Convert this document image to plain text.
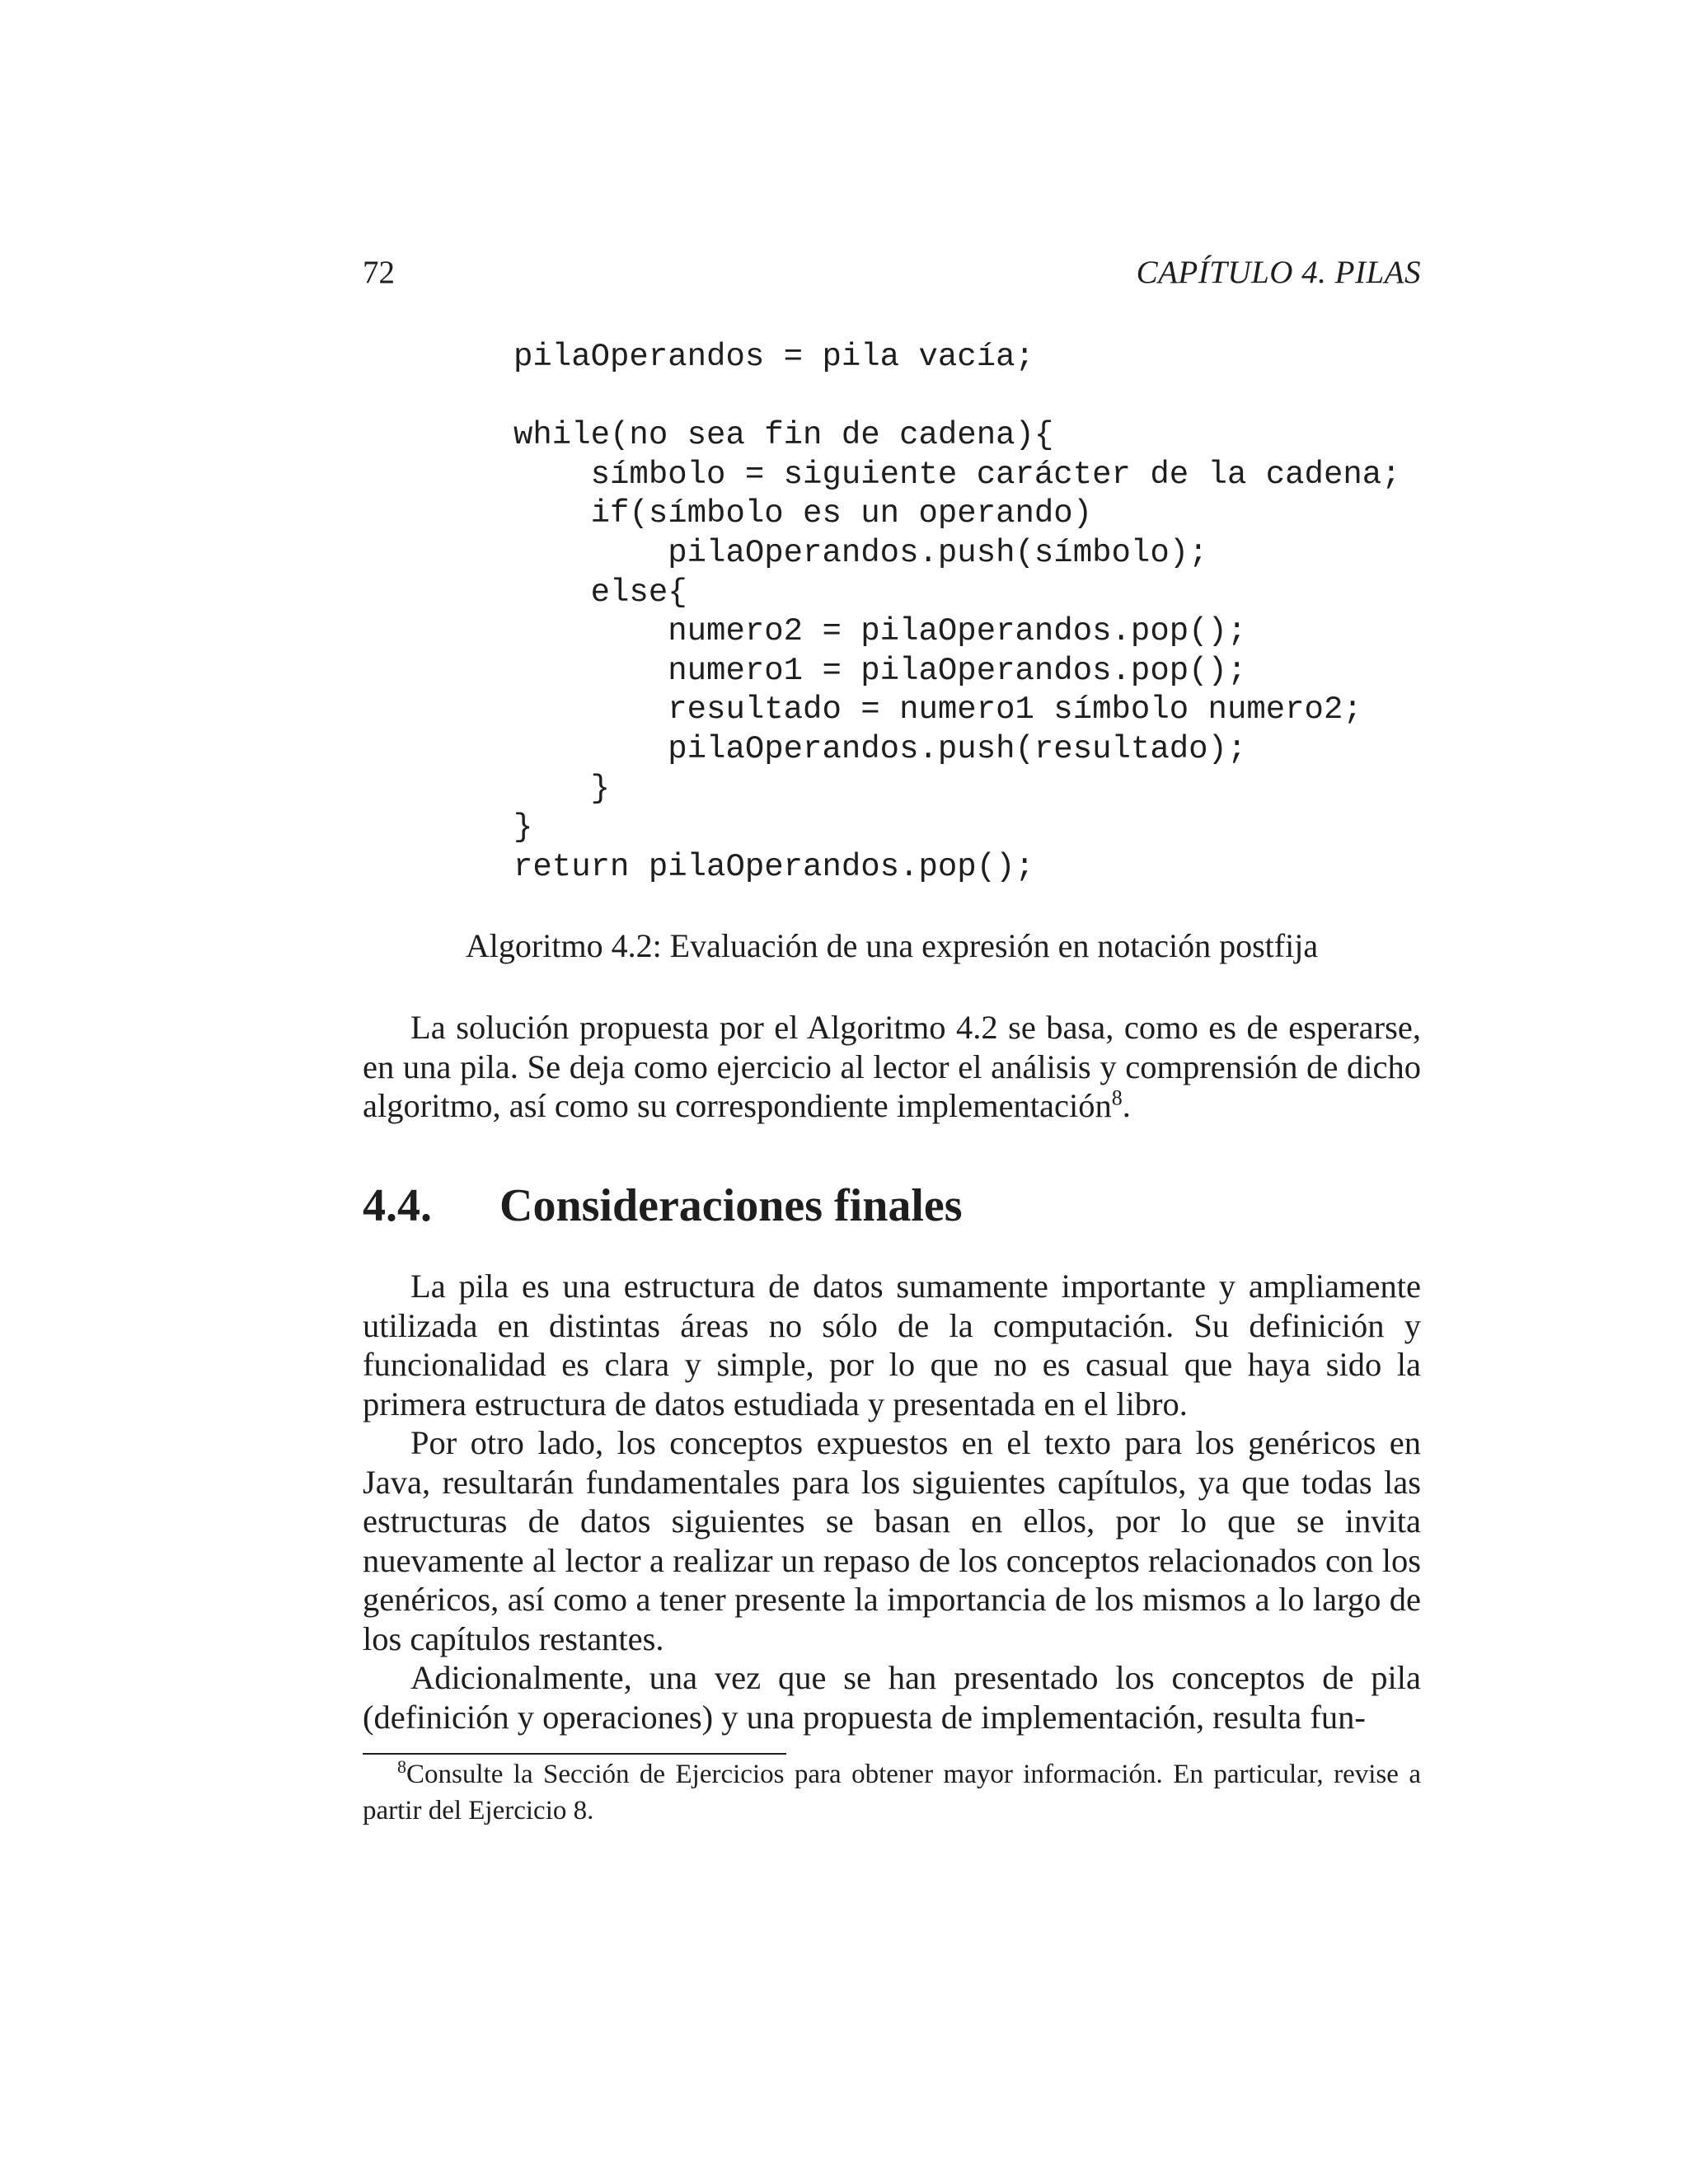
72	CAPÍTULO 4. PILAS
pilaOperandos = pila vacía;
while(no sea fin de cadena){
símbolo = siguiente carácter de la cadena;
if(símbolo es un operando)
pilaOperandos.push(símbolo);
else{
numero2 = pilaOperandos.pop();
numero1 = pilaOperandos.pop();
resultado = numero1 símbolo numero2;
pilaOperandos.push(resultado);
}
}
return pilaOperandos.pop();
Algoritmo 4.2: Evaluación de una expresión en notación postfija

La solución propuesta por el Algoritmo 4.2 se basa, como es de esperarse, en una pila. Se deja como ejercicio al lector el análisis y comprensión de dicho algoritmo, así como su correspondiente implementación$^8$.

4.4. Consideraciones finales

La pila es una estructura de datos sumamente importante y ampliamente utilizada en distintas áreas no sólo de la computación. Su definición y funcionalidad es clara y simple, por lo que no es casual que haya sido la primera estructura de datos estudiada y presentada en el libro.

Por otro lado, los conceptos expuestos en el texto para los genéricos en Java, resultarán fundamentales para los siguientes capítulos, ya que todas las estructuras de datos siguientes se basan en ellos, por lo que se invita nuevamente al lector a realizar un repaso de los conceptos relacionados con los genéricos, así como a tener presente la importancia de los mismos a lo largo de los capítulos restantes.

Adicionalmente, una vez que se han presentado los conceptos de pila (definición y operaciones) y una propuesta de implementación, resulta fun-

$^8$Consulte la Sección de Ejercicios para obtener mayor información. En particular, revise a partir del Ejercicio 8.
